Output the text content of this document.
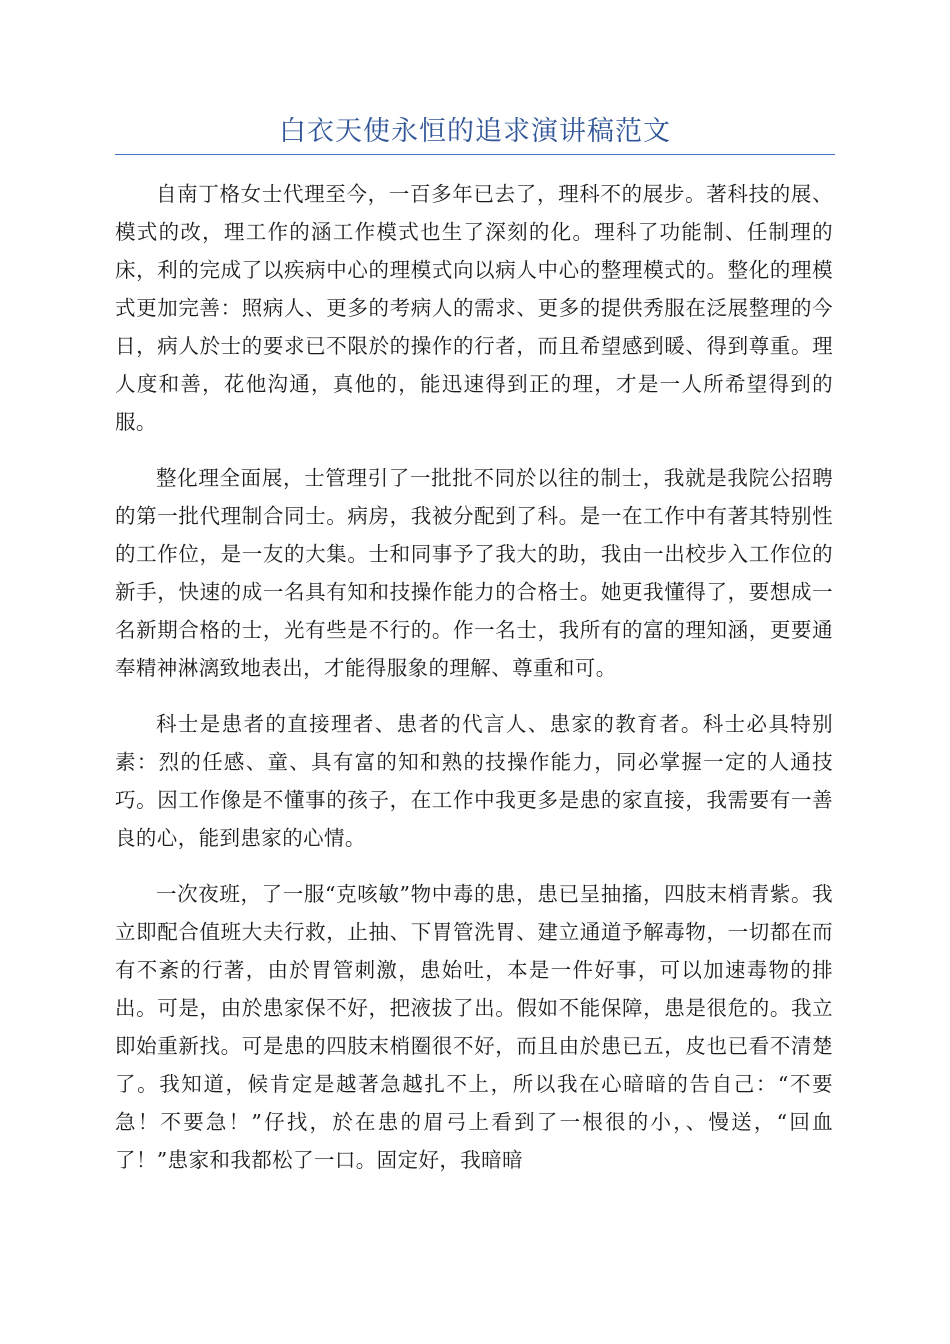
白衣天使永恒的追求演讲稿范文

自南丁格女士代理至今，一百多年已去了，理科不的展步。著科技的展、模式的改，理工作的涵工作模式也生了深刻的化。理科了功能制、任制理的床，利的完成了以疾病中心的理模式向以病人中心的整理模式的。整化的理模式更加完善：照病人、更多的考病人的需求、更多的提供秀服在泛展整理的今日，病人於士的要求已不限於的操作的行者，而且希望感到暖、得到尊重。理人度和善，花他沟通，真他的，能迅速得到正的理，才是一人所希望得到的服。

整化理全面展，士管理引了一批批不同於以往的制士，我就是我院公招聘的第一批代理制合同士。病房，我被分配到了科。是一在工作中有著其特别性的工作位，是一友的大集。士和同事予了我大的助，我由一出校步入工作位的新手，快速的成一名具有知和技操作能力的合格士。她更我懂得了，要想成一名新期合格的士，光有些是不行的。作一名士，我所有的富的理知涵，更要通奉精神淋漓致地表出，才能得服象的理解、尊重和可。

科士是患者的直接理者、患者的代言人、患家的教育者。科士必具特别素：烈的任感、童、具有富的知和熟的技操作能力，同必掌握一定的人通技巧。因工作像是不懂事的孩子，在工作中我更多是患的家直接，我需要有一善良的心，能到患家的心情。

一次夜班，了一服“克咳敏”物中毒的患，患已呈抽搐，四肢末梢青紫。我立即配合值班大夫行救，止抽、下胃管洗胃、建立通道予解毒物，一切都在而有不紊的行著，由於胃管刺激，患始吐，本是一件好事，可以加速毒物的排出。可是，由於患家保不好，把液拔了出。假如不能保障，患是很危的。我立即始重新找。可是患的四肢末梢圈很不好，而且由於患已五，皮也已看不清楚了。我知道，候肯定是越著急越扎不上，所以我在心暗暗的告自己：“不要急！不要急！”仔找，於在患的眉弓上看到了一根很的小，、慢送，“回血了！”患家和我都松了一口。固定好，我暗暗
